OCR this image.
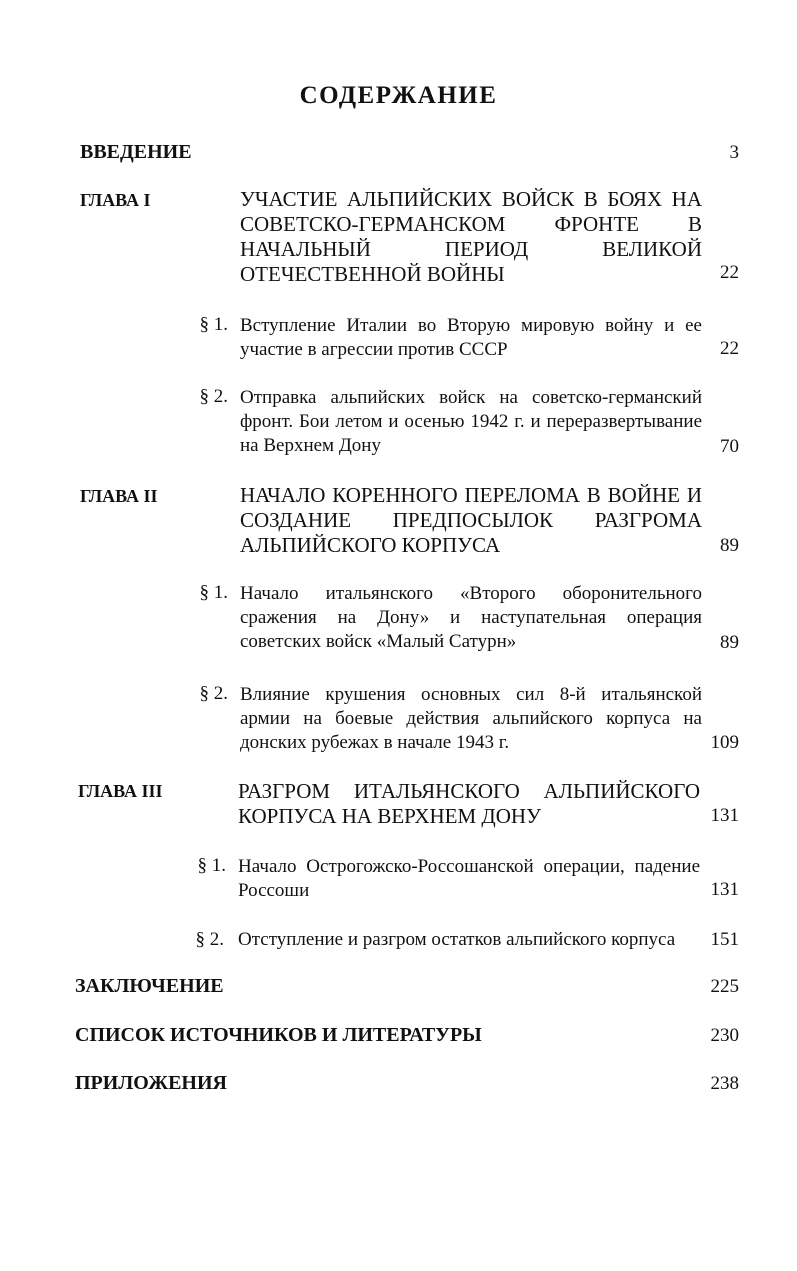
СОДЕРЖАНИЕ
ВВЕДЕНИЕ	3
ГЛАВА I	УЧАСТИЕ АЛЬПИЙСКИХ ВОЙСК В БОЯХ НА СОВЕТСКО-ГЕРМАНСКОМ ФРОНТЕ В НАЧАЛЬНЫЙ ПЕРИОД ВЕЛИКОЙ ОТЕЧЕСТВЕННОЙ ВОЙНЫ	22
§ 1. Вступление Италии во Вторую мировую войну и ее участие в агрессии против СССР	22
§ 2. Отправка альпийских войск на советско-германский фронт. Бои летом и осенью 1942 г. и переразвертывание на Верхнем Дону	70
ГЛАВА II	НАЧАЛО КОРЕННОГО ПЕРЕЛОМА В ВОЙНЕ И СОЗДАНИЕ ПРЕДПОСЫЛОК РАЗГРОМА АЛЬПИЙСКОГО КОРПУСА	89
§ 1. Начало итальянского «Второго оборонительного сражения на Дону» и наступательная операция советских войск «Малый Сатурн»	89
§ 2. Влияние крушения основных сил 8-й итальянской армии на боевые действия альпийского корпуса на донских рубежах в начале 1943 г.	109
ГЛАВА III	РАЗГРОМ ИТАЛЬЯНСКОГО АЛЬПИЙСКОГО КОРПУСА НА ВЕРХНЕМ ДОНУ	131
§ 1. Начало Острогожско-Россошанской операции, падение Россоши	131
§ 2. Отступление и разгром остатков альпийского корпуса	151
ЗАКЛЮЧЕНИЕ	225
СПИСОК ИСТОЧНИКОВ И ЛИТЕРАТУРЫ	230
ПРИЛОЖЕНИЯ	238
